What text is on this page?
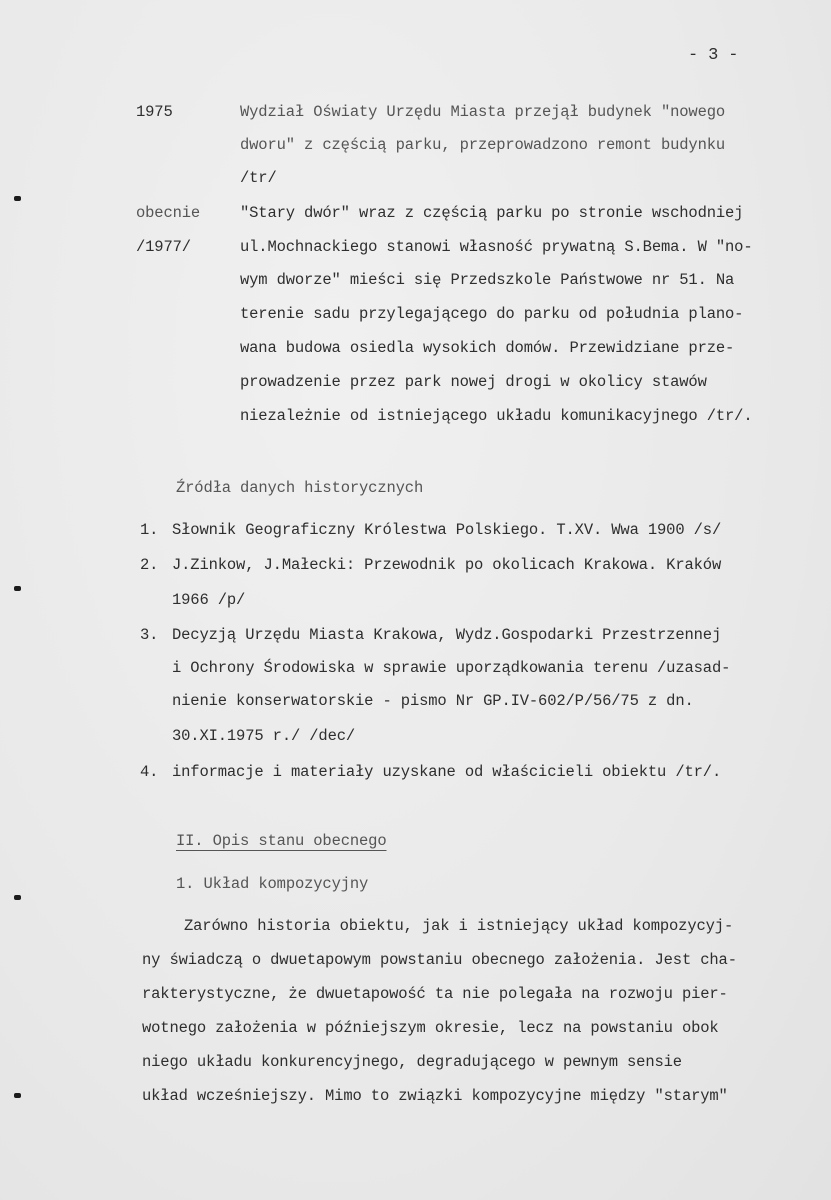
- 3 -
1975	Wydział Oświaty Urzędu Miasta przejął budynek "nowego
dworu" z częścią parku, przeprowadzono remont budynku
/tr/
obecnie
/1977/
"Stary dwór" wraz z częścią parku po stronie wschodniej
ul.Mochnackiego stanowi własność prywatną S.Bema. W "no-
wym dworze" mieści się Przedszkole Państwowe nr 51. Na
terenie sadu przylegającego do parku od południa plano-
wana budowa osiedla wysokich domów. Przewidziane prze-
prowadzenie przez park nowej drogi w okolicy stawów
niezależnie od istniejącego układu komunikacyjnego /tr/.
Źródła danych historycznych
1. Słownik Geograficzny Królestwa Polskiego. T.XV. Wwa 1900 /s/
2. J.Zinkow, J.Małecki: Przewodnik po okolicach Krakowa. Kraków
1966 /p/
3. Decyzją Urzędu Miasta Krakowa, Wydz.Gospodarki Przestrzennej
i Ochrony Środowiska w sprawie uporządkowania terenu /uzasad-
nienie konserwatorskie - pismo Nr GP.IV-602/P/56/75 z dn.
30.XI.1975 r./ /dec/
4. informacje i materiały uzyskane od właścicieli obiektu /tr/.
II. Opis stanu obecnego
1. Układ kompozycyjny
Zarówno historia obiektu, jak i istniejący układ kompozycyj-
ny świadczą o dwuetapowym powstaniu obecnego założenia. Jest cha-
rakterystyczne, że dwuetapowość ta nie polegała na rozwoju pier-
wotnego założenia w późniejszym okresie, lecz na powstaniu obok
niego układu konkurencyjnego, degradującego w pewnym sensie
układ wcześniejszy. Mimo to związki kompozycyjne między "starym"
